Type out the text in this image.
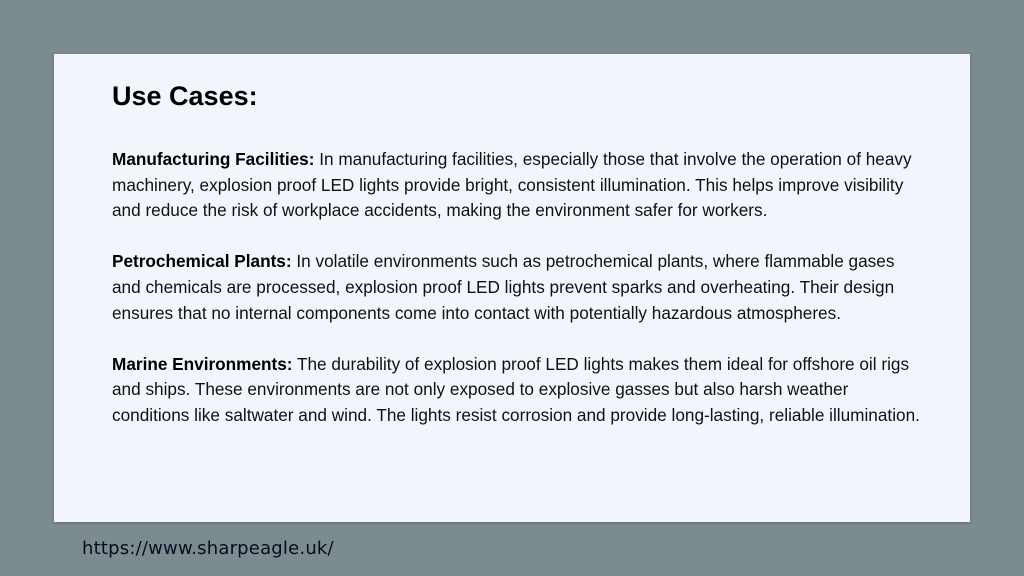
Use Cases:

Manufacturing Facilities: In manufacturing facilities, especially those that involve the operation of heavy machinery, explosion proof LED lights provide bright, consistent illumination. This helps improve visibility and reduce the risk of workplace accidents, making the environment safer for workers.

Petrochemical Plants: In volatile environments such as petrochemical plants, where flammable gases and chemicals are processed, explosion proof LED lights prevent sparks and overheating. Their design ensures that no internal components come into contact with potentially hazardous atmospheres.

Marine Environments: The durability of explosion proof LED lights makes them ideal for offshore oil rigs and ships. These environments are not only exposed to explosive gasses but also harsh weather conditions like saltwater and wind. The lights resist corrosion and provide long-lasting, reliable illumination.

https://www.sharpeagle.uk/
